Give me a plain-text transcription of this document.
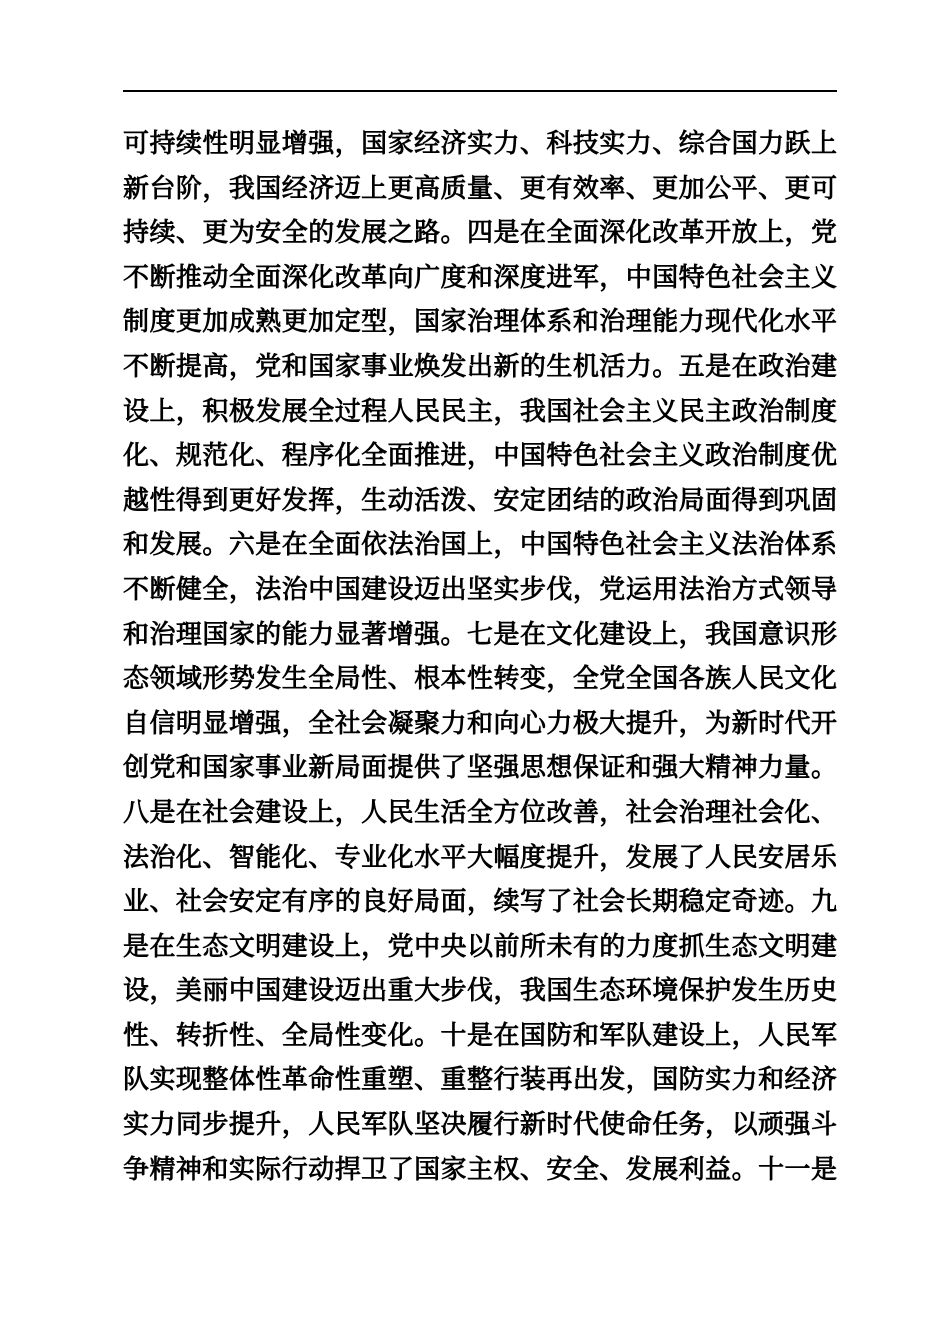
可持续性明显增强，国家经济实力、科技实力、综合国力跃上
新台阶，我国经济迈上更高质量、更有效率、更加公平、更可
持续、更为安全的发展之路。四是在全面深化改革开放上，党
不断推动全面深化改革向广度和深度进军，中国特色社会主义
制度更加成熟更加定型，国家治理体系和治理能力现代化水平
不断提高，党和国家事业焕发出新的生机活力。五是在政治建
设上，积极发展全过程人民民主，我国社会主义民主政治制度
化、规范化、程序化全面推进，中国特色社会主义政治制度优
越性得到更好发挥，生动活泼、安定团结的政治局面得到巩固
和发展。六是在全面依法治国上，中国特色社会主义法治体系
不断健全，法治中国建设迈出坚实步伐，党运用法治方式领导
和治理国家的能力显著增强。七是在文化建设上，我国意识形
态领域形势发生全局性、根本性转变，全党全国各族人民文化
自信明显增强，全社会凝聚力和向心力极大提升，为新时代开
创党和国家事业新局面提供了坚强思想保证和强大精神力量。
八是在社会建设上，人民生活全方位改善，社会治理社会化、
法治化、智能化、专业化水平大幅度提升，发展了人民安居乐
业、社会安定有序的良好局面，续写了社会长期稳定奇迹。九
是在生态文明建设上，党中央以前所未有的力度抓生态文明建
设，美丽中国建设迈出重大步伐，我国生态环境保护发生历史
性、转折性、全局性变化。十是在国防和军队建设上，人民军
队实现整体性革命性重塑、重整行装再出发，国防实力和经济
实力同步提升，人民军队坚决履行新时代使命任务，以顽强斗
争精神和实际行动捍卫了国家主权、安全、发展利益。十一是
